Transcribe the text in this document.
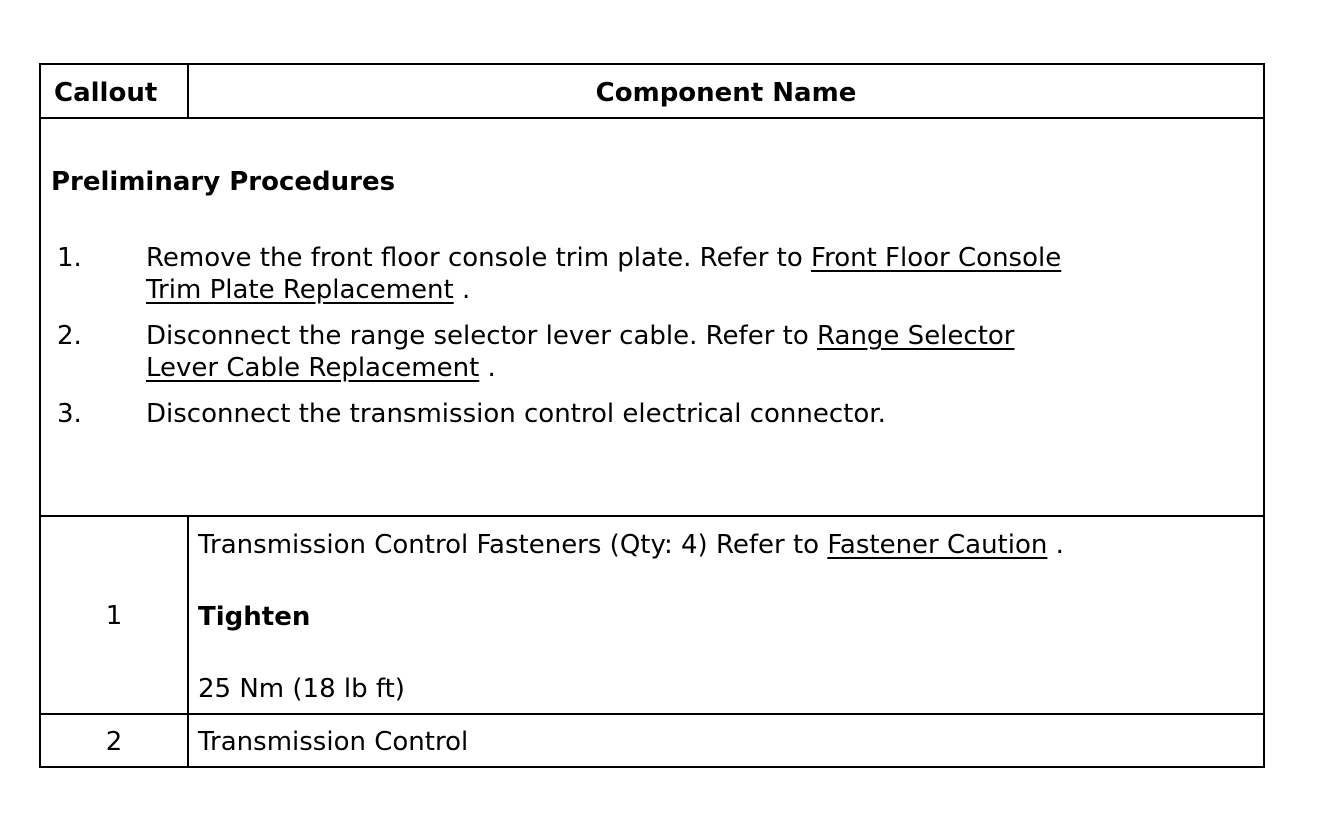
Callout	Component Name
Preliminary Procedures
1. Remove the front floor console trim plate. Refer to Front Floor Console
Trim Plate Replacement .
2. Disconnect the range selector lever cable. Refer to Range Selector
Lever Cable Replacement .
3. Disconnect the transmission control electrical connector.
1
Transmission Control Fasteners (Qty: 4) Refer to Fastener Caution .
Tighten
25 Nm (18 lb ft)
2	Transmission Control
